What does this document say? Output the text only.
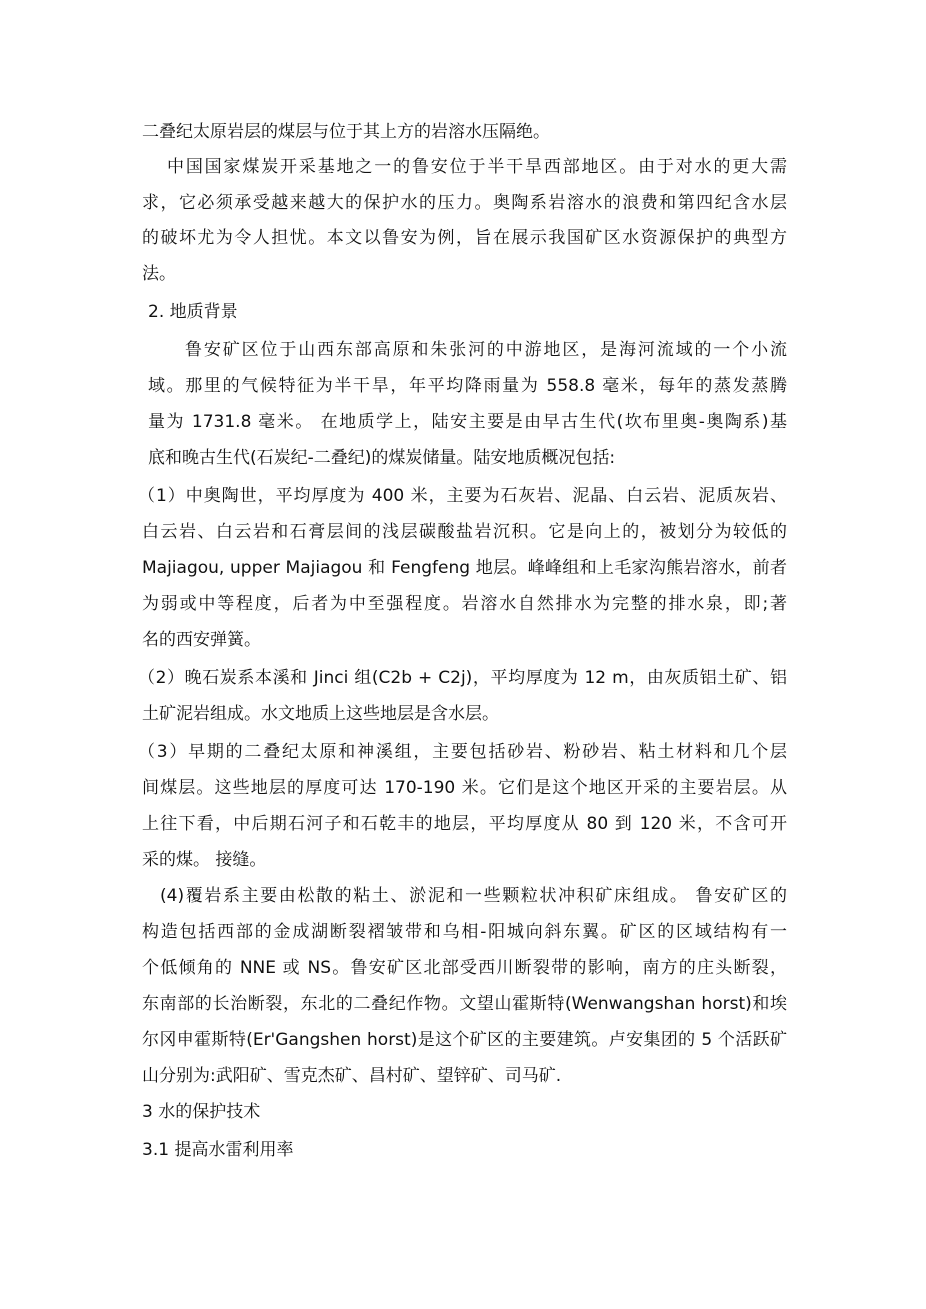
二叠纪太原岩层的煤层与位于其上方的岩溶水压隔绝。
中国国家煤炭开采基地之一的鲁安位于半干旱西部地区。由于对水的更大需
求，它必须承受越来越大的保护水的压力。奥陶系岩溶水的浪费和第四纪含水层
的破坏尤为令人担忧。本文以鲁安为例，旨在展示我国矿区水资源保护的典型方
法。
2. 地质背景
鲁安矿区位于山西东部高原和朱张河的中游地区，是海河流域的一个小流
域。那里的气候特征为半干旱，年平均降雨量为 558.8 毫米，每年的蒸发蒸腾
量为 1731.8 毫米。 在地质学上，陆安主要是由早古生代(坎布里奥-奥陶系)基
底和晚古生代(石炭纪-二叠纪)的煤炭储量。陆安地质概况包括:
（1）中奥陶世，平均厚度为 400 米，主要为石灰岩、泥晶、白云岩、泥质灰岩、
白云岩、白云岩和石膏层间的浅层碳酸盐岩沉积。它是向上的，被划分为较低的
Majiagou, upper Majiagou 和 Fengfeng 地层。峰峰组和上毛家沟熊岩溶水，前者
为弱或中等程度，后者为中至强程度。岩溶水自然排水为完整的排水泉，即;著
名的西安弹簧。
（2）晚石炭系本溪和 Jinci 组(C2b + C2j)，平均厚度为 12 m，由灰质铝土矿、铝
土矿泥岩组成。水文地质上这些地层是含水层。
（3）早期的二叠纪太原和神溪组，主要包括砂岩、粉砂岩、粘土材料和几个层
间煤层。这些地层的厚度可达 170-190 米。它们是这个地区开采的主要岩层。从
上往下看，中后期石河子和石乾丰的地层，平均厚度从 80 到 120 米，不含可开
采的煤。 接缝。
(4)覆岩系主要由松散的粘土、淤泥和一些颗粒状冲积矿床组成。 鲁安矿区的
构造包括西部的金成湖断裂褶皱带和乌相-阳城向斜东翼。矿区的区域结构有一
个低倾角的 NNE 或 NS。鲁安矿区北部受西川断裂带的影响，南方的庄头断裂，
东南部的长治断裂，东北的二叠纪作物。文望山霍斯特(Wenwangshan horst)和埃
尔冈申霍斯特(Er'Gangshen horst)是这个矿区的主要建筑。卢安集团的 5 个活跃矿
山分别为:武阳矿、雪克杰矿、昌村矿、望锌矿、司马矿.
3 水的保护技术
3.1 提高水雷利用率
